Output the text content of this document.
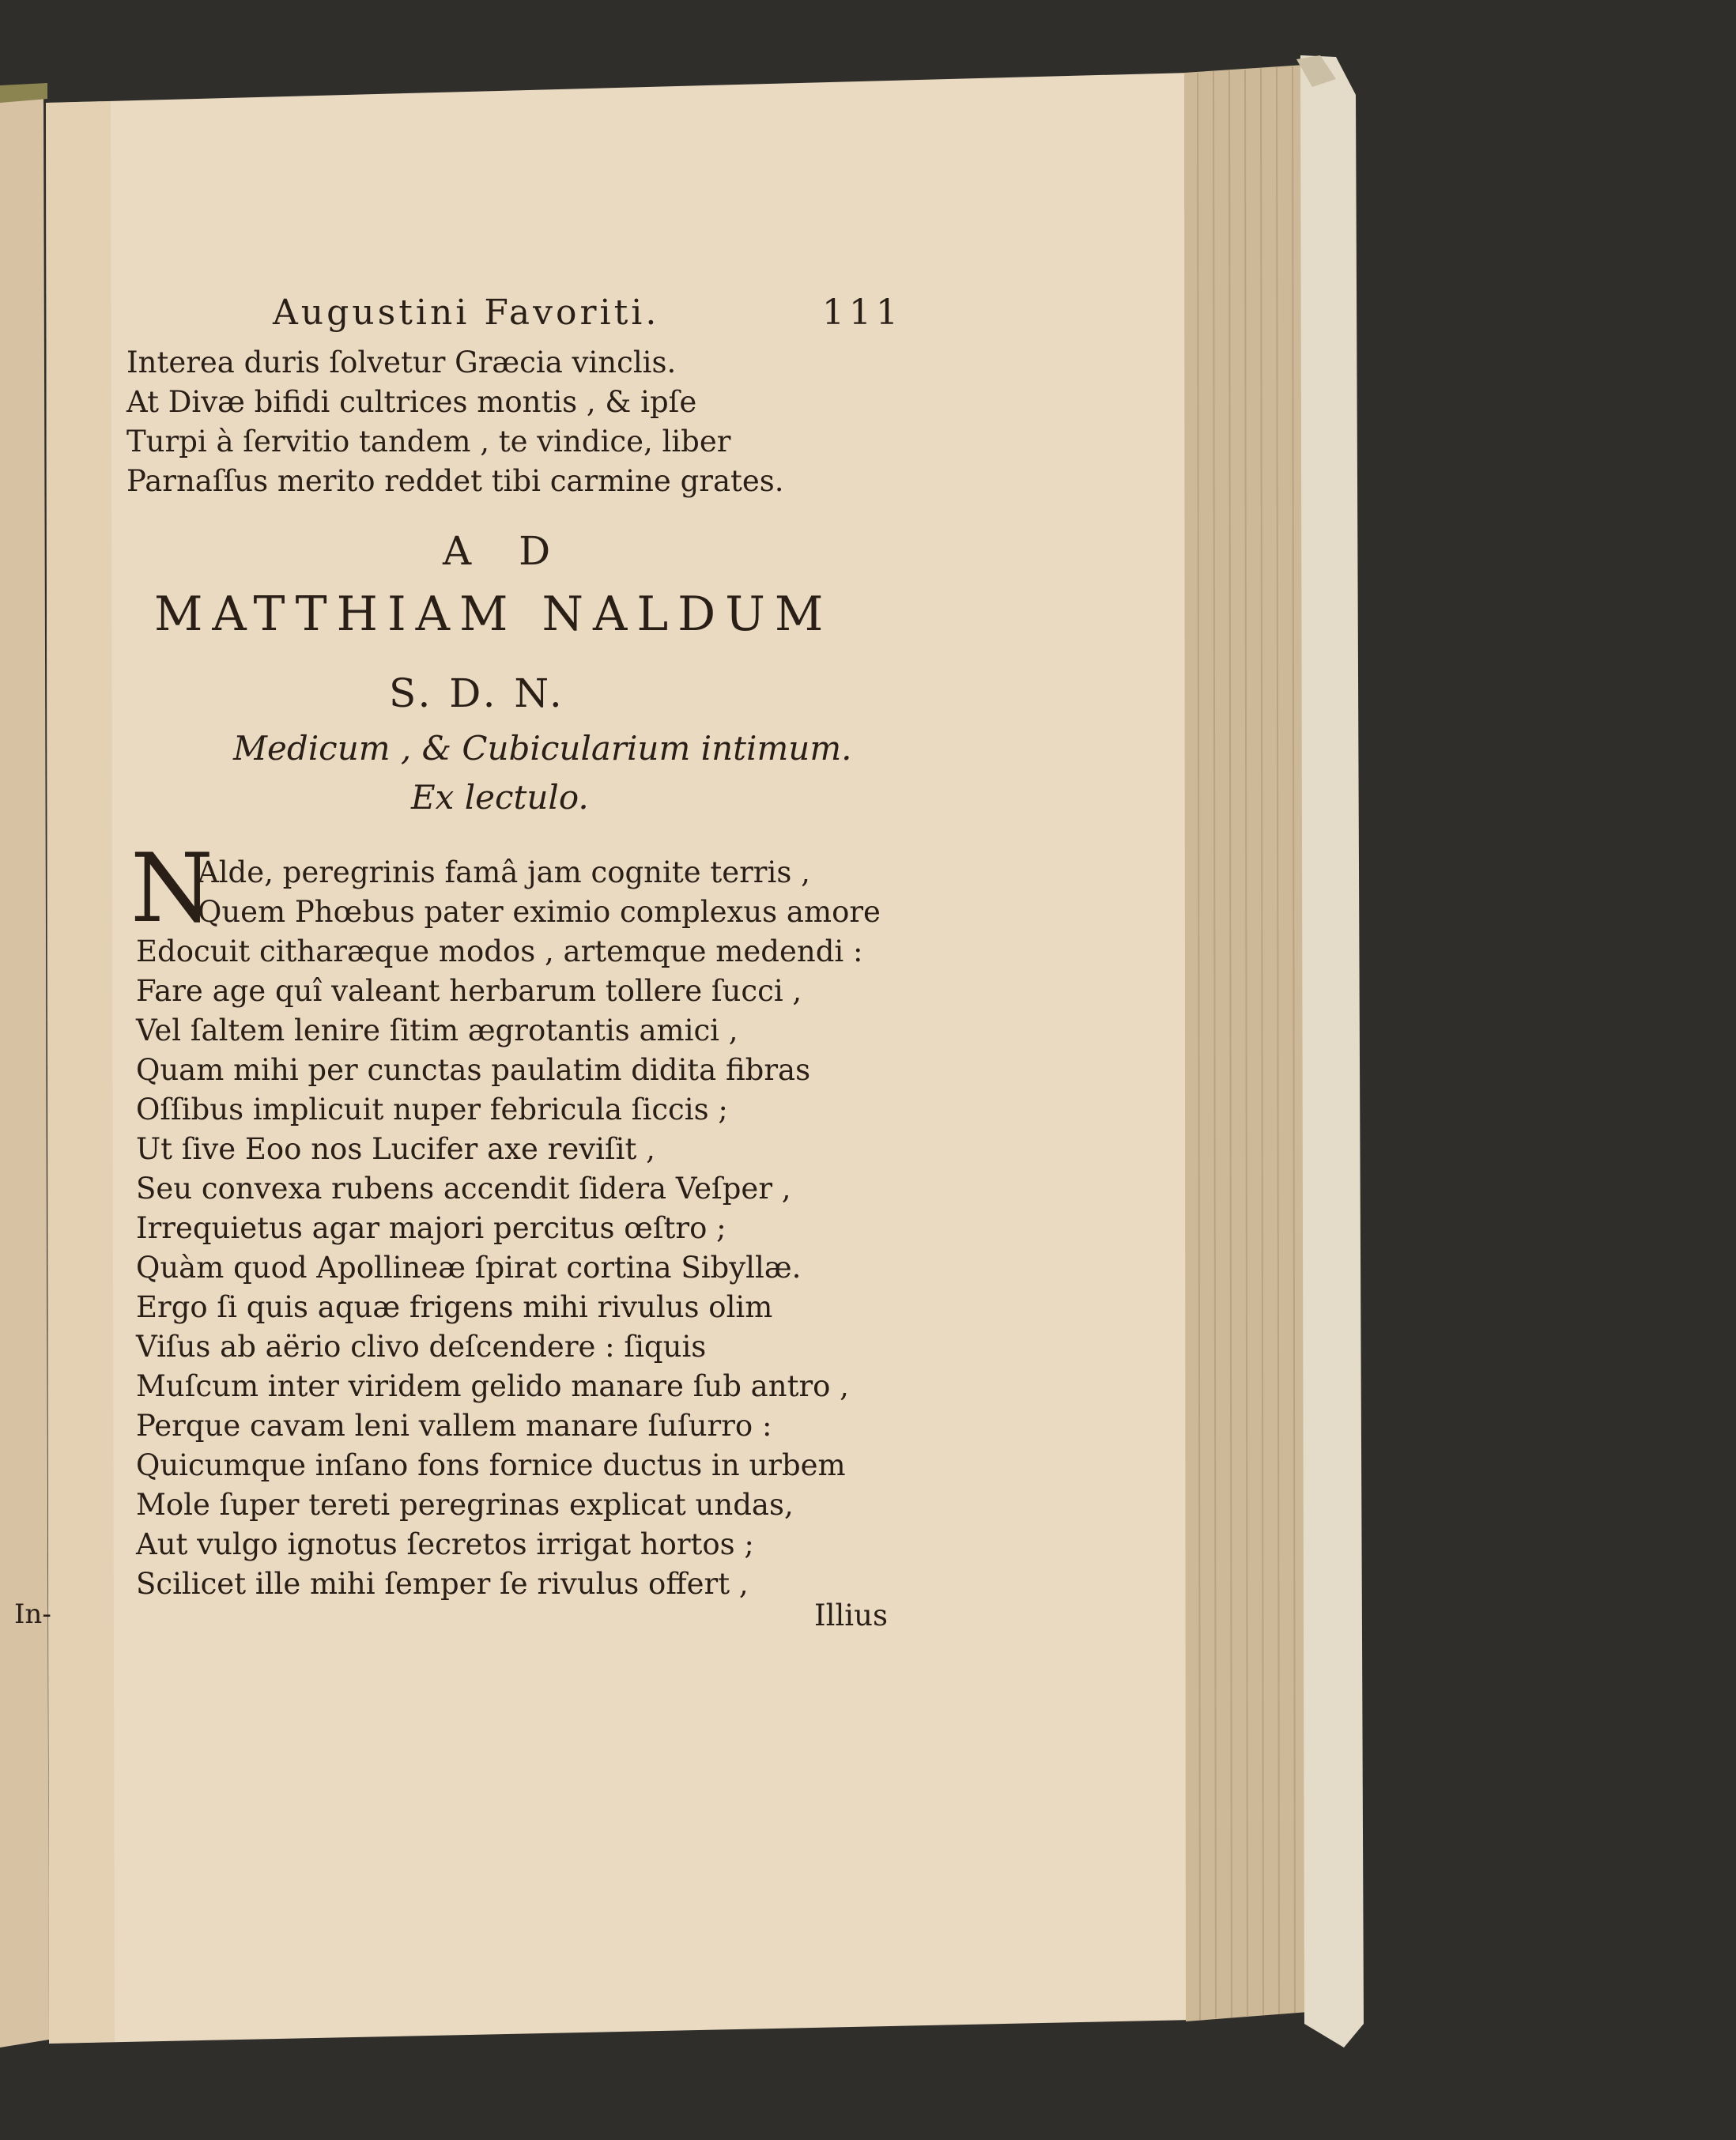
Augustini Favoriti.	111
Interea duris ſolvetur Græcia vinclis.
At Divæ bifidi cultrices montis , & ipſe
Turpi à ſervitio tandem , te vindice, liber
Parnaſſus merito reddet tibi carmine grates.
AD
MATTHIAM NALDUM
S. D. N.
Medicum , & Cubicularium intimum.
Ex lectulo.
N
Alde, peregrinis famâ jam cognite terris ,
Quem Phœbus pater eximio complexus amore
Edocuit citharæque modos , artemque medendi :
Fare age quî valeant herbarum tollere ſucci ,
Vel ſaltem lenire ſitim ægrotantis amici ,
Quam mihi per cunctas paulatim didita fibras
Oſſibus implicuit nuper febricula ſiccis ;
Ut ſive Eoo nos Lucifer axe reviſit ,
Seu convexa rubens accendit ſidera Veſper ,
Irrequietus agar majori percitus œſtro ;
Quàm quod Apollineæ ſpirat cortina Sibyllæ.
Ergo ſi quis aquæ frigens mihi rivulus olim
Viſus ab aërio clivo deſcendere : ſiquis
Muſcum inter viridem gelido manare ſub antro ,
Perque cavam leni vallem manare ſuſurro :
Quicumque inſano fons fornice ductus in urbem
Mole ſuper tereti peregrinas explicat undas,
Aut vulgo ignotus ſecretos irrigat hortos ;
Scilicet ille mihi ſemper ſe rivulus offert ,
Illius
In-
